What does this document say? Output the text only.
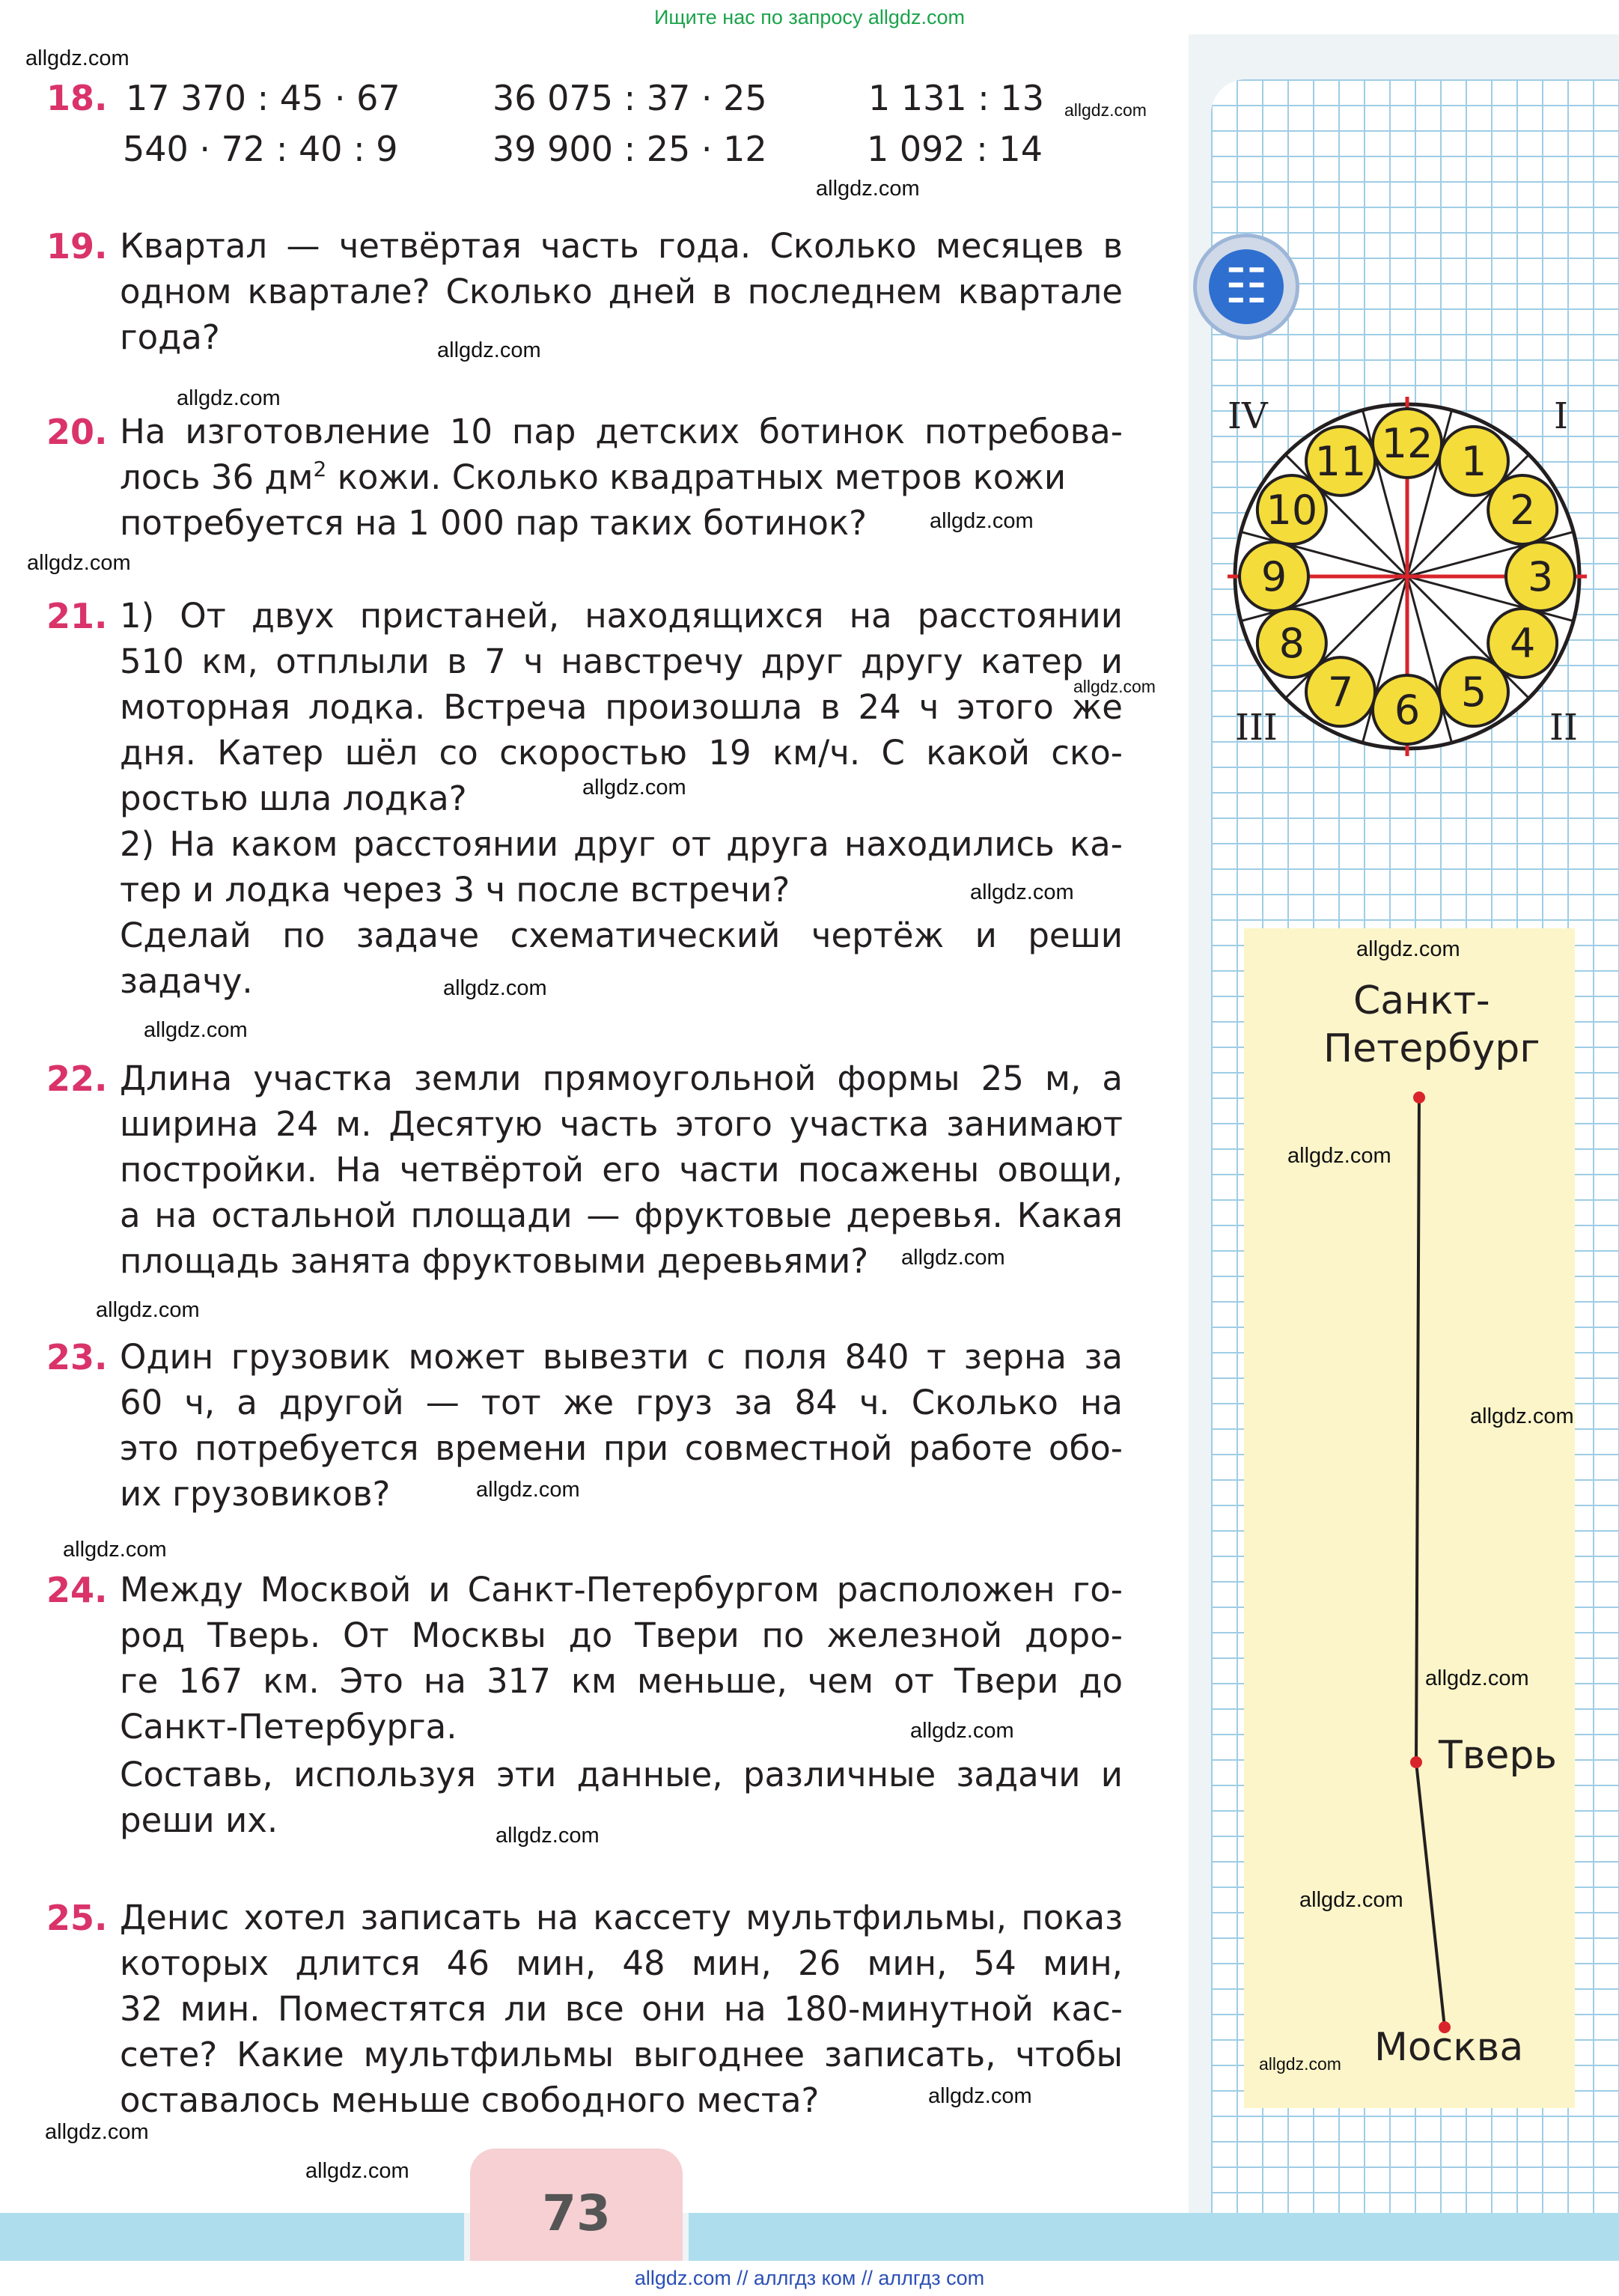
Ищите нас по запросу allgdz.com
73

18. 17 370 : 45 · 67	36 075 : 37 · 25	1 131 : 13

540 · 72 : 40 : 9	39 900 : 25 · 12	1 092 : 14

19. Квартал — четвёртая часть года. Сколько месяцев в

одном квартале? Сколько дней в последнем квартале

года?

20. На изготовление 10 пар детских ботинок потребова-

лось 36 $дм^2$ кожи. Сколько квадратных метров кожи

потребуется на 1 000 пар таких ботинок?

21. 1) От двух пристаней, находящихся на расстоянии

510 км, отплыли в 7 ч навстречу друг другу катер и

моторная лодка. Встреча произошла в 24 ч этого же

дня. Катер шёл со скоростью 19 км/ч. С какой ско-

ростью шла лодка?

2) На каком расстоянии друг от друга находились ка-

тер и лодка через 3 ч после встречи?

Сделай по задаче схематический чертёж и реши

задачу.

22. Длина участка земли прямоугольной формы 25 м, а

ширина 24 м. Десятую часть этого участка занимают

постройки. На четвёртой его части посажены овощи,

а на остальной площади — фруктовые деревья. Какая

площадь занята фруктовыми деревьями?

23. Один грузовик может вывезти с поля 840 т зерна за

60 ч, а другой — тот же груз за 84 ч. Сколько на

это потребуется времени при совместной работе обо-

их грузовиков?

24. Между Москвой и Санкт-Петербургом расположен го-

род Тверь. От Москвы до Твери по железной доро-

ге 167 км. Это на 317 км меньше, чем от Твери до

Санкт-Петербурга.

Составь, используя эти данные, различные задачи и

реши их.

25. Денис хотел записать на кассету мультфильмы, показ

которых длится 46 мин, 48 мин, 26 мин, 54 мин,

32 мин. Поместятся ли все они на 180-минутной кас-

сете? Какие мультфильмы выгоднее записать, чтобы

оставалось меньше свободного места?

☷
12 1
2
3
4
5
6
7
8
9
10
11
IV	I
III	II
Санкт-
Петербург
Тверь
Москва
allgdz.com
allgdz.com
allgdz.com
allgdz.com
allgdz.com
allgdz.com
allgdz.com
allgdz.com
allgdz.com
allgdz.com
allgdz.com
allgdz.com
allgdz.com
allgdz.com
allgdz.com
allgdz.com
allgdz.com
allgdz.com
allgdz.com
allgdz.com
allgdz.com
allgdz.com
allgdz.com
allgdz.com
allgdz.com
allgdz.com
allgdz.com
allgdz.com // аллгдз ком // аллгдз com
